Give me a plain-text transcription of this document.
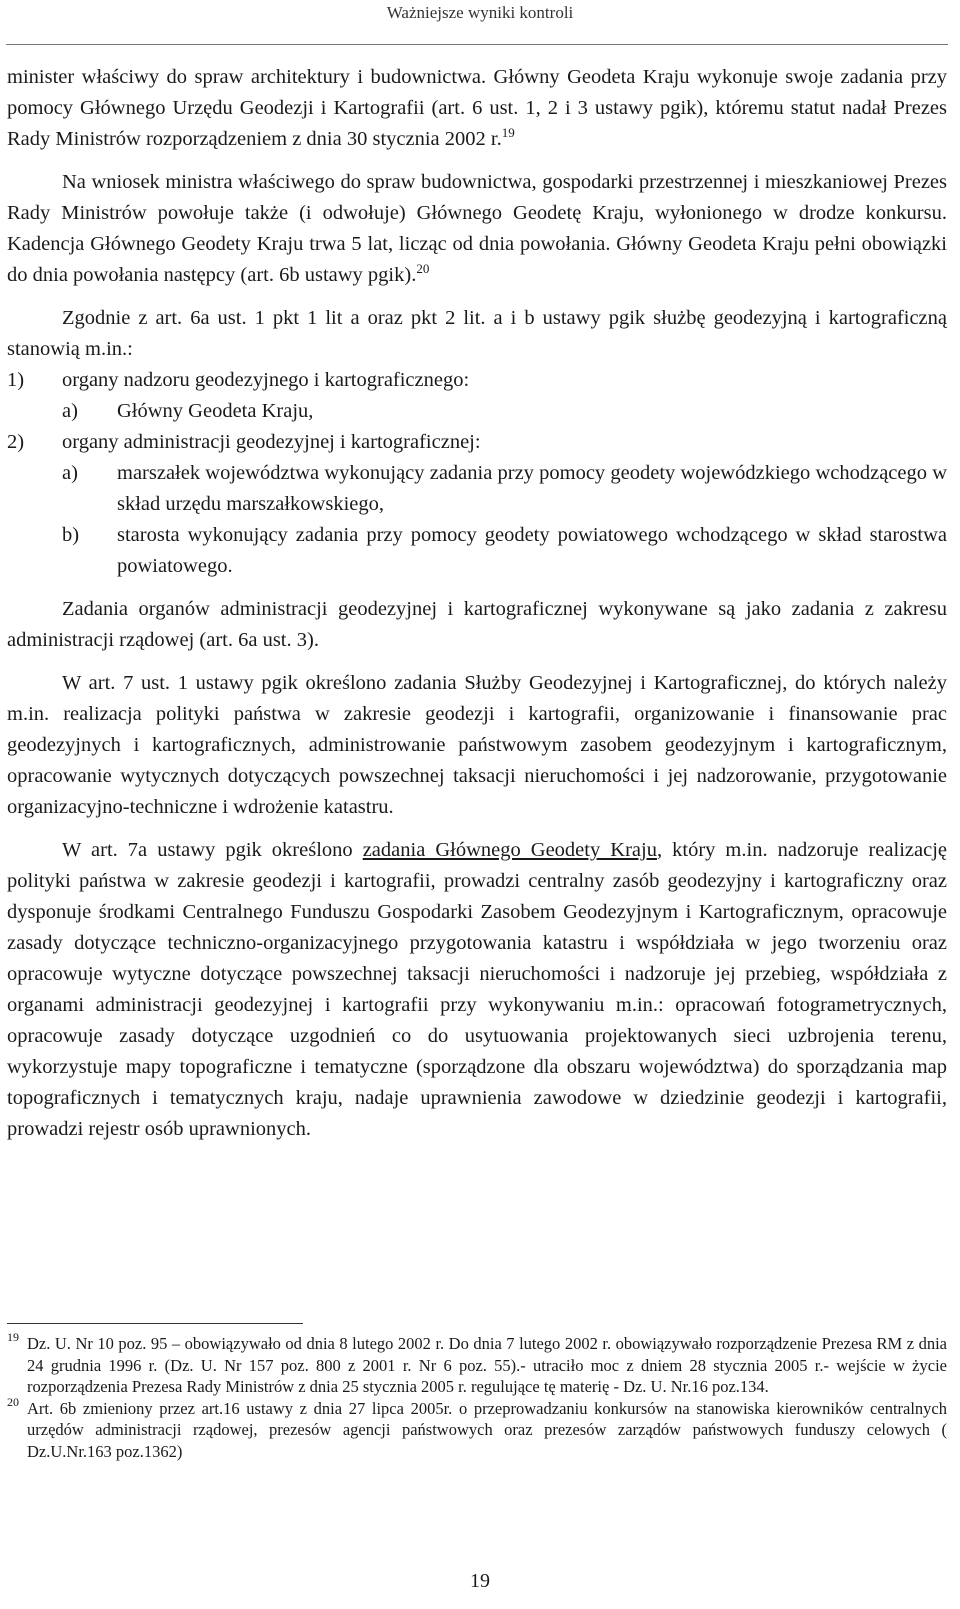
Ważniejsze wyniki kontroli

minister właściwy do spraw architektury i budownictwa. Główny Geodeta Kraju wykonuje swoje zadania przy pomocy Głównego Urzędu Geodezji i Kartografii (art. 6 ust. 1, 2 i 3 ustawy pgik), któremu statut nadał Prezes Rady Ministrów rozporządzeniem z dnia 30 stycznia 2002 r.$^{19}$

Na wniosek ministra właściwego do spraw budownictwa, gospodarki przestrzennej i mieszkaniowej Prezes Rady Ministrów powołuje także (i odwołuje) Głównego Geodetę Kraju, wyłonionego w drodze konkursu. Kadencja Głównego Geodety Kraju trwa 5 lat, licząc od dnia powołania. Główny Geodeta Kraju pełni obowiązki do dnia powołania następcy (art. 6b ustawy pgik).$^{20}$

Zgodnie z art. 6a ust. 1 pkt 1 lit a oraz pkt 2 lit. a i b ustawy pgik służbę geodezyjną i kartograficzną stanowią m.in.:

1)	organy nadzoru geodezyjnego i kartograficznego:
a)	Główny Geodeta Kraju,
2)	organy administracji geodezyjnej i kartograficznej:
a)	marszałek województwa wykonujący zadania przy pomocy geodety wojewódzkiego wchodzącego w skład urzędu marszałkowskiego,
b)	starosta wykonujący zadania przy pomocy geodety powiatowego wchodzącego w skład starostwa powiatowego.

Zadania organów administracji geodezyjnej i kartograficznej wykonywane są jako zadania z zakresu administracji rządowej (art. 6a ust. 3).

W art. 7 ust. 1 ustawy pgik określono zadania Służby Geodezyjnej i Kartograficznej, do których należy m.in. realizacja polityki państwa w zakresie geodezji i kartografii, organizowanie i finansowanie prac geodezyjnych i kartograficznych, administrowanie państwowym zasobem geodezyjnym i kartograficznym, opracowanie wytycznych dotyczących powszechnej taksacji nieruchomości i jej nadzorowanie, przygotowanie organizacyjno-techniczne i wdrożenie katastru.

W art. 7a ustawy pgik określono zadania Głównego Geodety Kraju, który m.in. nadzoruje realizację polityki państwa w zakresie geodezji i kartografii, prowadzi centralny zasób geodezyjny i kartograficzny oraz dysponuje środkami Centralnego Funduszu Gospodarki Zasobem Geodezyjnym i Kartograficznym, opracowuje zasady dotyczące techniczno-organizacyjnego przygotowania katastru i współdziała w jego tworzeniu oraz opracowuje wytyczne dotyczące powszechnej taksacji nieruchomości i nadzoruje jej przebieg, współdziała z organami administracji geodezyjnej i kartografii przy wykonywaniu m.in.: opracowań fotogrametrycznych, opracowuje zasady dotyczące uzgodnień co do usytuowania projektowanych sieci uzbrojenia terenu, wykorzystuje mapy topograficzne i tematyczne (sporządzone dla obszaru województwa) do sporządzania map topograficznych i tematycznych kraju, nadaje uprawnienia zawodowe w dziedzinie geodezji i kartografii, prowadzi rejestr osób uprawnionych.

19 Dz. U. Nr 10 poz. 95 – obowiązywało od dnia 8 lutego 2002 r. Do dnia 7 lutego 2002 r. obowiązywało rozporządzenie Prezesa RM z dnia 24 grudnia 1996 r. (Dz. U. Nr 157 poz. 800 z 2001 r. Nr 6 poz. 55).- utraciło moc z dniem 28 stycznia 2005 r.- wejście w życie rozporządzenia Prezesa Rady Ministrów z dnia 25 stycznia 2005 r. regulujące tę materię - Dz. U. Nr.16 poz.134.
20 Art. 6b zmieniony przez art.16 ustawy z dnia 27 lipca 2005r. o przeprowadzaniu konkursów na stanowiska kierowników centralnych urzędów administracji rządowej, prezesów agencji państwowych oraz prezesów zarządów państwowych funduszy celowych ( Dz.U.Nr.163 poz.1362)
19
